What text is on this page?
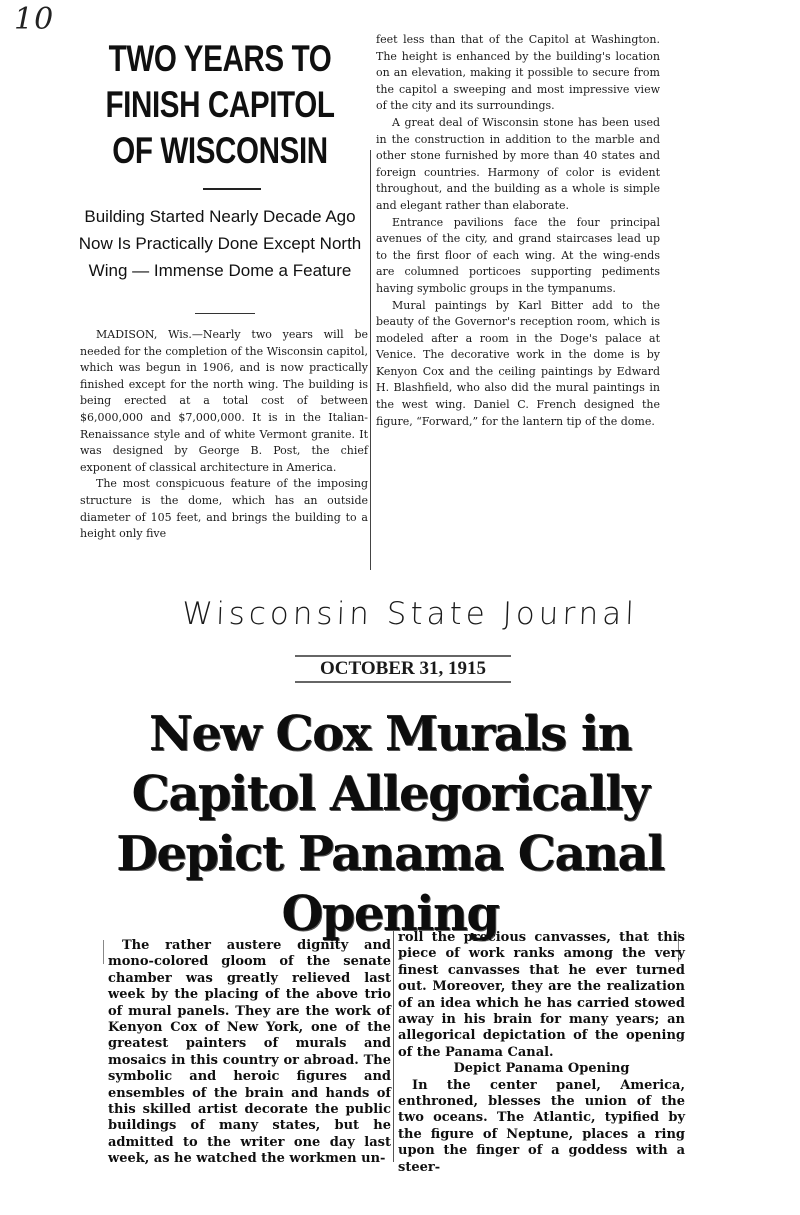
10
TWO YEARS TO
FINISH CAPITOL
OF WISCONSIN
Building Started Nearly Decade Ago Now Is Practically Done Except North Wing — Immense Dome a Feature

MADISON, Wis.—Nearly two years will be needed for the completion of the Wisconsin capitol, which was begun in 1906, and is now practically finished except for the north wing. The building is being erected at a total cost of between $6,000,000 and $7,000,000. It is in the Italian-Renaissance style and of white Vermont granite. It was designed by George B. Post, the chief exponent of classical architecture in America.

The most conspicuous feature of the imposing structure is the dome, which has an outside diameter of 105 feet, and brings the building to a height only five

feet less than that of the Capitol at Washington. The height is enhanced by the building's location on an elevation, making it possible to secure from the capitol a sweeping and most impressive view of the city and its surroundings.

A great deal of Wisconsin stone has been used in the construction in addition to the marble and other stone furnished by more than 40 states and foreign countries. Harmony of color is evident throughout, and the building as a whole is simple and elegant rather than elaborate.

Entrance pavilions face the four principal avenues of the city, and grand staircases lead up to the first floor of each wing. At the wing-ends are columned porticoes supporting pediments having symbolic groups in the tympanums.

Mural paintings by Karl Bitter add to the beauty of the Governor's reception room, which is modeled after a room in the Doge's palace at Venice. The decorative work in the dome is by Kenyon Cox and the ceiling paintings by Edward H. Blashfield, who also did the mural paintings in the west wing. Daniel C. French designed the figure, “Forward,” for the lantern tip of the dome.

Wisconsin State Journal
OCTOBER 31, 1915
New Cox Murals in
Capitol Allegorically
Depict Panama Canal
Opening

The rather austere dignity and mono-colored gloom of the senate chamber was greatly relieved last week by the placing of the above trio of mural panels. They are the work of Kenyon Cox of New York, one of the greatest painters of murals and mosaics in this country or abroad. The symbolic and heroic figures and ensembles of the brain and hands of this skilled artist decorate the public buildings of many states, but he admitted to the writer one day last week, as he watched the workmen un-

roll the precious canvasses, that this piece of work ranks among the very finest canvasses that he ever turned out. Moreover, they are the realization of an idea which he has carried stowed away in his brain for many years; an allegorical depictation of the opening of the Panama Canal.

Depict Panama Opening

In the center panel, America, enthroned, blesses the union of the two oceans. The Atlantic, typified by the figure of Neptune, places a ring upon the finger of a goddess with a steer-
